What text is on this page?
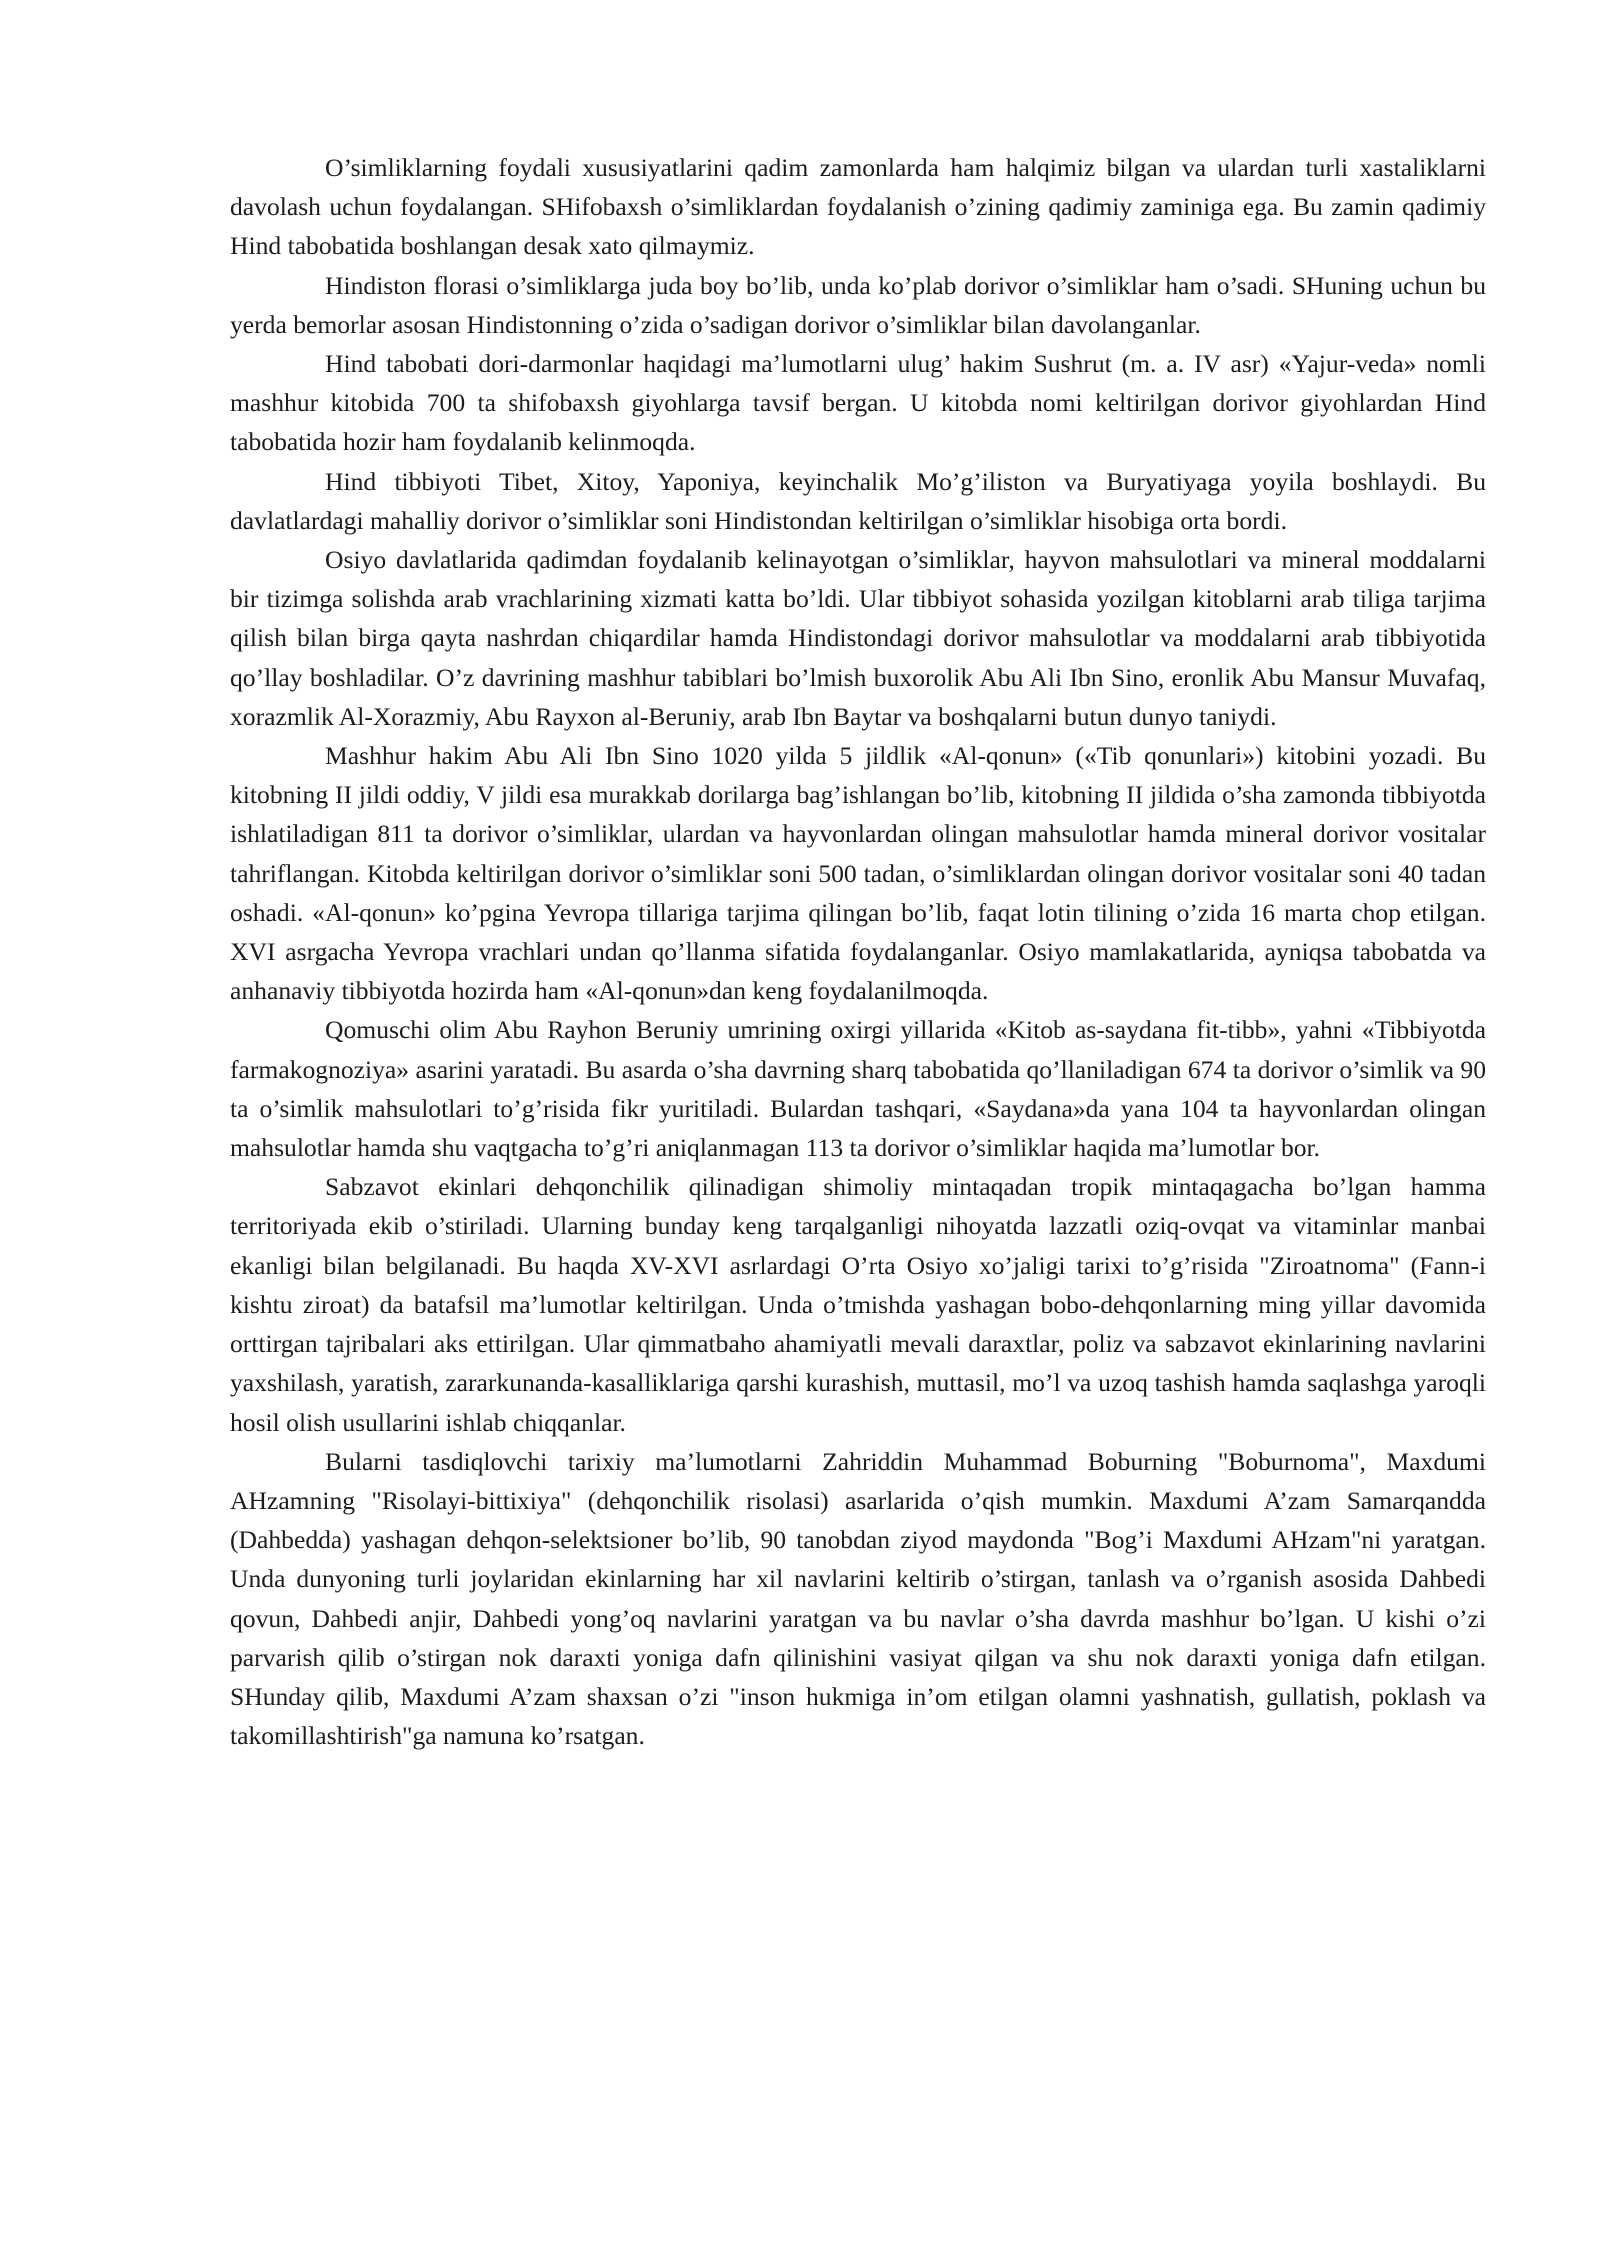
O’simliklarning foydali xususiyatlarini qadim zamonlarda ham halqimiz bilgan va ulardan turli xastaliklarni davolash uchun foydalangan. SHifobaxsh o’simliklardan foydalanish o’zining qadimiy zaminiga ega. Bu zamin qadimiy Hind tabobatida boshlangan desak xato qilmaymiz.

Hindiston florasi o’simliklarga juda boy bo’lib, unda ko’plab dorivor o’simliklar ham o’sadi. SHuning uchun bu yerda bemorlar asosan Hindistonning o’zida o’sadigan dorivor o’simliklar bilan davolanganlar.

Hind tabobati dori-darmonlar haqidagi ma’lumotlarni ulug’ hakim Sushrut (m. a. IV asr) «Yajur-veda» nomli mashhur kitobida 700 ta shifobaxsh giyohlarga tavsif bergan. U kitobda nomi keltirilgan dorivor giyohlardan Hind tabobatida hozir ham foydalanib kelinmoqda.

Hind tibbiyoti Tibet, Xitoy, Yaponiya, keyinchalik Mo’g’iliston va Buryatiyaga yoyila boshlaydi. Bu davlatlardagi mahalliy dorivor o’simliklar soni Hindistondan keltirilgan o’simliklar hisobiga orta bordi.

Osiyo davlatlarida qadimdan foydalanib kelinayotgan o’simliklar, hayvon mahsulotlari va mineral moddalarni bir tizimga solishda arab vrachlarining xizmati katta bo’ldi. Ular tibbiyot sohasida yozilgan kitoblarni arab tiliga tarjima qilish bilan birga qayta nashrdan chiqardilar hamda Hindistondagi dorivor mahsulotlar va moddalarni arab tibbiyotida qo’llay boshladilar. O’z davrining mashhur tabiblari bo’lmish buxorolik Abu Ali Ibn Sino, eronlik Abu Mansur Muvafaq, xorazmlik Al-Xorazmiy, Abu Rayxon al-Beruniy, arab Ibn Baytar va boshqalarni butun dunyo taniydi.

Mashhur hakim Abu Ali Ibn Sino 1020 yilda 5 jildlik «Al-qonun» («Tib qonunlari») kitobini yozadi. Bu kitobning II jildi oddiy, V jildi esa murakkab dorilarga bag’ishlangan bo’lib, kitobning II jildida o’sha zamonda tibbiyotda ishlatiladigan 811 ta dorivor o’simliklar, ulardan va hayvonlardan olingan mahsulotlar hamda mineral dorivor vositalar tahriflangan. Kitobda keltirilgan dorivor o’simliklar soni 500 tadan, o’simliklardan olingan dorivor vositalar soni 40 tadan oshadi. «Al-qonun» ko’pgina Yevropa tillariga tarjima qilingan bo’lib, faqat lotin tilining o’zida 16 marta chop etilgan. XVI asrgacha Yevropa vrachlari undan qo’llanma sifatida foydalanganlar. Osiyo mamlakatlarida, ayniqsa tabobatda va anhanaviy tibbiyotda hozirda ham «Al-qonun»dan keng foydalanilmoqda.

Qomuschi olim Abu Rayhon Beruniy umrining oxirgi yillarida «Kitob as-saydana fit-tibb», yahni «Tibbiyotda farmakognoziya» asarini yaratadi. Bu asarda o’sha davrning sharq tabobatida qo’llaniladigan 674 ta dorivor o’simlik va 90 ta o’simlik mahsulotlari to’g’risida fikr yuritiladi. Bulardan tashqari, «Saydana»da yana 104 ta hayvonlardan olingan mahsulotlar hamda shu vaqtgacha to’g’ri aniqlanmagan 113 ta dorivor o’simliklar haqida ma’lumotlar bor.

Sabzavot ekinlari dehqonchilik qilinadigan shimoliy mintaqadan tropik mintaqagacha bo’lgan hamma territoriyada ekib o’stiriladi. Ularning bunday keng tarqalganligi nihoyatda lazzatli oziq-ovqat va vitaminlar manbai ekanligi bilan belgilanadi. Bu haqda XV-XVI asrlardagi O’rta Osiyo xo’jaligi tarixi to’g’risida "Ziroatnoma" (Fann-i kishtu ziroat) da batafsil ma’lumotlar keltirilgan. Unda o’tmishda yashagan bobo-dehqonlarning ming yillar davomida orttirgan tajribalari aks ettirilgan. Ular qimmatbaho ahamiyatli mevali daraxtlar, poliz va sabzavot ekinlarining navlarini yaxshilash, yaratish, zararkunanda-kasalliklariga qarshi kurashish, muttasil, mo’l va uzoq tashish hamda saqlashga yaroqli hosil olish usullarini ishlab chiqqanlar.

Bularni tasdiqlovchi tarixiy ma’lumotlarni Zahriddin Muhammad Boburning "Boburnoma", Maxdumi AHzamning "Risolayi-bittixiya" (dehqonchilik risolasi) asarlarida o’qish mumkin. Maxdumi A’zam Samarqandda (Dahbedda) yashagan dehqon-selektsioner bo’lib, 90 tanobdan ziyod maydonda "Bog’i Maxdumi AHzam"ni yaratgan. Unda dunyoning turli joylaridan ekinlarning har xil navlarini keltirib o’stirgan, tanlash va o’rganish asosida Dahbedi qovun, Dahbedi anjir, Dahbedi yong’oq navlarini yaratgan va bu navlar o’sha davrda mashhur bo’lgan. U kishi o’zi parvarish qilib o’stirgan nok daraxti yoniga dafn qilinishini vasiyat qilgan va shu nok daraxti yoniga dafn etilgan. SHunday qilib, Maxdumi A’zam shaxsan o’zi "inson hukmiga in’om etilgan olamni yashnatish, gullatish, poklash va takomillashtirish"ga namuna ko’rsatgan.
